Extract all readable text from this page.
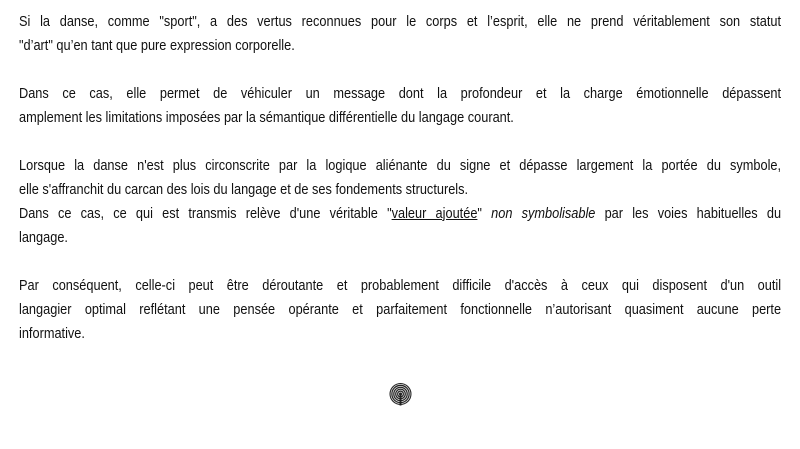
Si la danse, comme "sport", a des vertus reconnues pour le corps et l’esprit, elle ne prend véritablement son statut
"d’art" qu’en tant que pure expression corporelle.
Dans ce cas, elle permet de véhiculer un message dont la profondeur et la charge émotionnelle dépassent
amplement les limitations imposées par la sémantique différentielle du langage courant.
Lorsque la danse n'est plus circonscrite par la logique aliénante du signe et dépasse largement la portée du symbole,
elle s'affranchit du carcan des lois du langage et de ses fondements structurels.
Dans ce cas, ce qui est transmis relève d'une véritable "valeur ajoutée" non symbolisable par les voies habituelles du
langage.
Par conséquent, celle-ci peut être déroutante et probablement difficile d'accès à ceux qui disposent d'un outil
langagier optimal reflétant une pensée opérante et parfaitement fonctionnelle n’autorisant quasiment aucune perte
informative.
